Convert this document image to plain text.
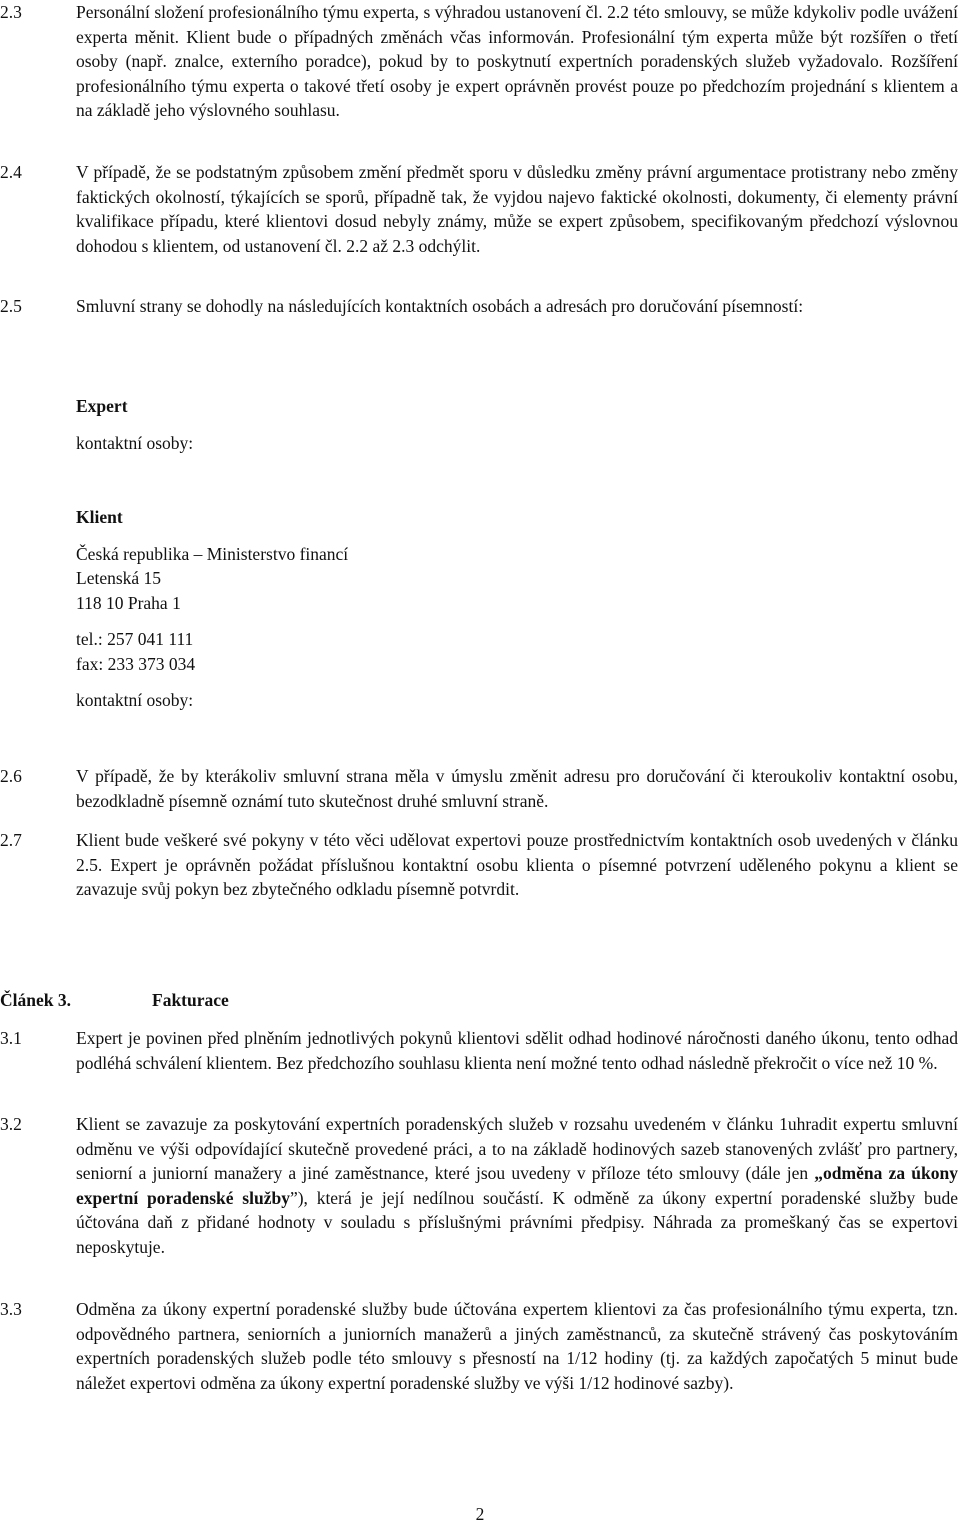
2.3	Personální složení profesionálního týmu experta, s výhradou ustanovení čl. 2.2 této smlouvy, se může kdykoliv podle uvážení experta měnit. Klient bude o případných změnách včas informován. Profesionální tým experta může být rozšířen o třetí osoby (např. znalce, externího poradce), pokud by to poskytnutí expertních poradenských služeb vyžadovalo. Rozšíření profesionálního týmu experta o takové třetí osoby je expert oprávněn provést pouze po předchozím projednání s klientem a na základě jeho výslovného souhlasu.

2.4	V případě, že se podstatným způsobem změní předmět sporu v důsledku změny právní argumentace protistrany nebo změny faktických okolností, týkajících se sporů, případně tak, že vyjdou najevo faktické okolnosti, dokumenty, či elementy právní kvalifikace případu, které klientovi dosud nebyly známy, může se expert způsobem, specifikovaným předchozí výslovnou dohodou s klientem, od ustanovení čl. 2.2 až 2.3 odchýlit.

2.5	Smluvní strany se dohodly na následujících kontaktních osobách a adresách pro doručování písemností:

Expert
kontaktní osoby:
Klient
Česká republika – Ministerstvo financí
Letenská 15
118 10 Praha 1
tel.: 257 041 111
fax: 233 373 034
kontaktní osoby:
2.6	V případě, že by kterákoliv smluvní strana měla v úmyslu změnit adresu pro doručování či kteroukoliv kontaktní osobu, bezodkladně písemně oznámí tuto skutečnost druhé smluvní straně.

2.7	Klient bude veškeré své pokyny v této věci udělovat expertovi pouze prostřednictvím kontaktních osob uvedených v článku 2.5. Expert je oprávněn požádat příslušnou kontaktní osobu klienta o písemné potvrzení uděleného pokynu a klient se zavazuje svůj pokyn bez zbytečného odkladu písemně potvrdit.

Článek 3.	Fakturace
3.1	Expert je povinen před plněním jednotlivých pokynů klientovi sdělit odhad hodinové náročnosti daného úkonu, tento odhad podléhá schválení klientem. Bez předchozího souhlasu klienta není možné tento odhad následně překročit o více než 10 %.

3.2	Klient se zavazuje za poskytování expertních poradenských služeb v rozsahu uvedeném v článku 1uhradit expertu smluvní odměnu ve výši odpovídající skutečně provedené práci, a to na základě hodinových sazeb stanovených zvlášť pro partnery, seniorní a juniorní manažery a jiné zaměstnance, které jsou uvedeny v příloze této smlouvy (dále jen „odměna za úkony expertní poradenské služby”), která je její nedílnou součástí. K odměně za úkony expertní poradenské služby bude účtována daň z přidané hodnoty v souladu s příslušnými právními předpisy. Náhrada za promeškaný čas se expertovi neposkytuje.

3.3	Odměna za úkony expertní poradenské služby bude účtována expertem klientovi za čas profesionálního týmu experta, tzn. odpovědného partnera, seniorních a juniorních manažerů a jiných zaměstnanců, za skutečně strávený čas poskytováním expertních poradenských služeb podle této smlouvy s přesností na 1/12 hodiny (tj. za každých započatých 5 minut bude náležet expertovi odměna za úkony expertní poradenské služby ve výši 1/12 hodinové sazby).

2
